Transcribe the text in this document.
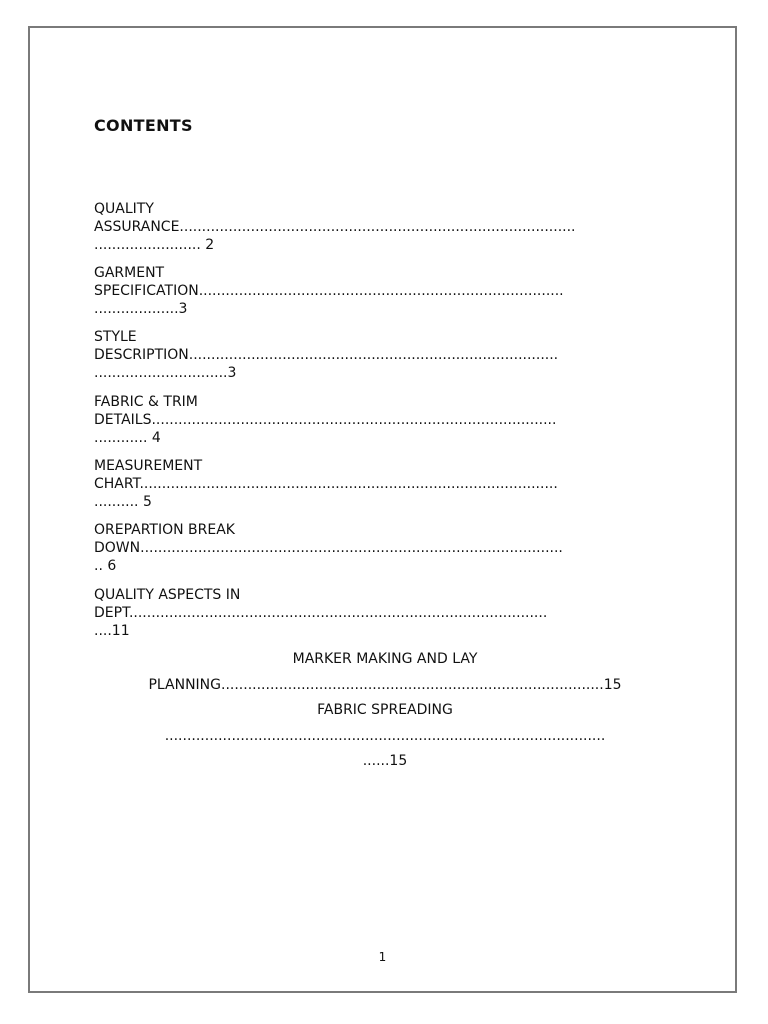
CONTENTS
QUALITY
ASSURANCE.........................................................................................
........................ 2
GARMENT
SPECIFICATION..................................................................................
...................3
STYLE
DESCRIPTION...................................................................................
..............................3
FABRIC & TRIM
DETAILS...........................................................................................
............ 4
MEASUREMENT
CHART..............................................................................................
.......... 5
OREPARTION BREAK
DOWN...............................................................................................
.. 6
QUALITY ASPECTS IN
DEPT..............................................................................................
....11
MARKER MAKING AND LAY
PLANNING......................................................................................15
FABRIC SPREADING
...................................................................................................
......15
1
